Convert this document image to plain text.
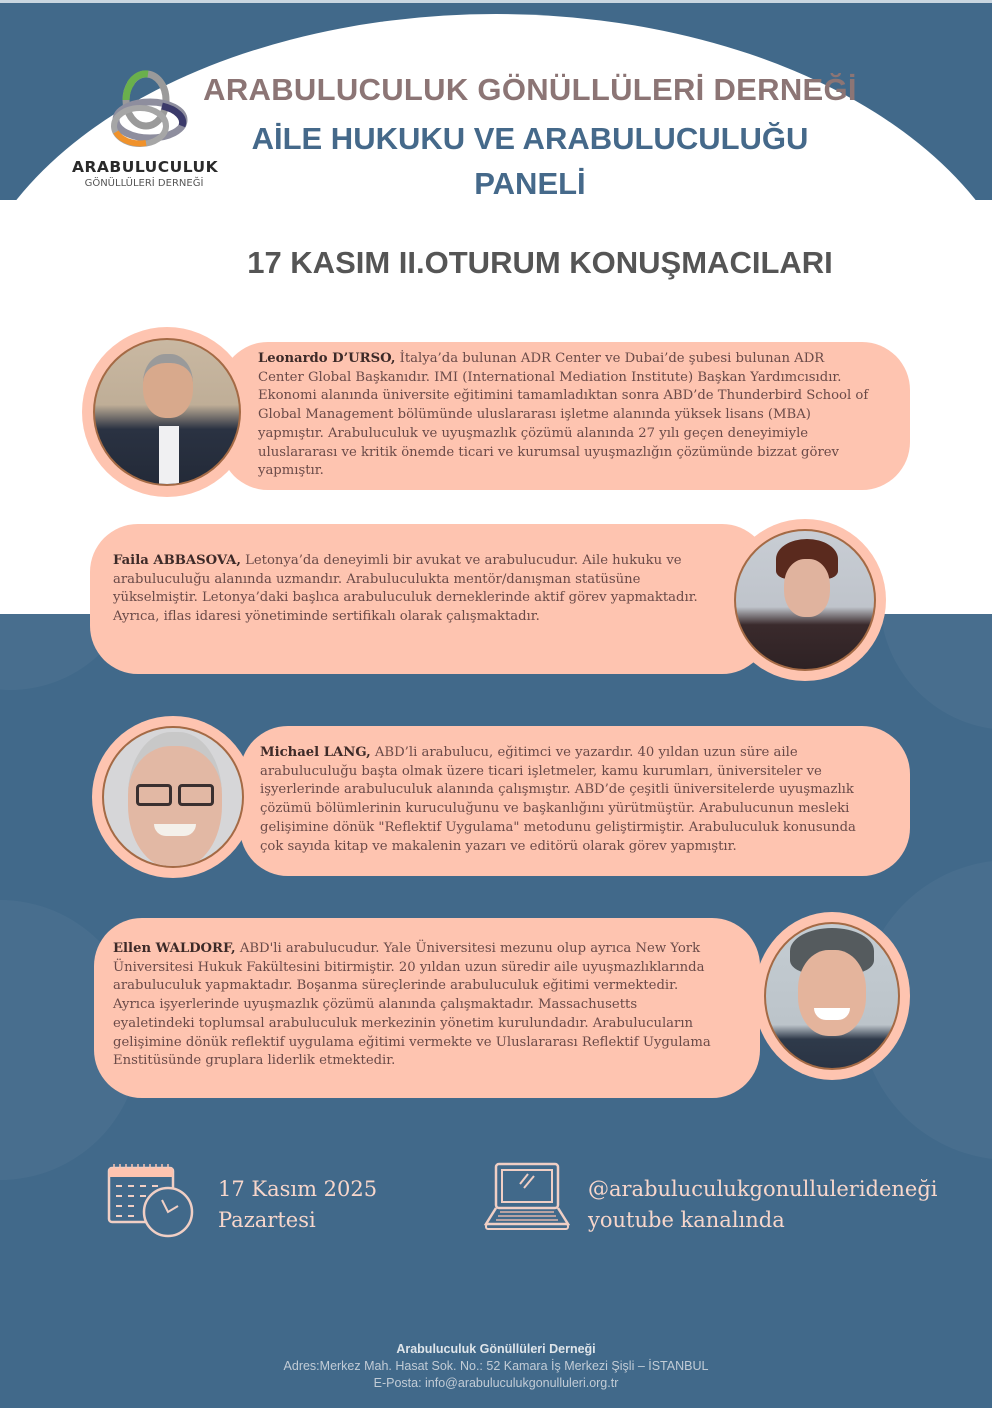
ARABULUCULUK
GÖNÜLLÜLERİ DERNEĞİ
ARABULUCULUK GÖNÜLLÜLERİ DERNEĞİ
AİLE HUKUKU VE ARABULUCULUĞU
PANELİ
17 KASIM II.OTURUM KONUŞMACILARI
Leonardo D’URSO, İtalya’da bulunan ADR Center ve Dubai’de şubesi bulunan ADR
Center Global Başkanıdır. IMI (International Mediation Institute) Başkan Yardımcısıdır.
Ekonomi alanında üniversite eğitimini tamamladıktan sonra ABD’de Thunderbird School of
Global Management bölümünde uluslararası işletme alanında yüksek lisans (MBA)
yapmıştır. Arabuluculuk ve uyuşmazlık çözümü alanında 27 yılı geçen deneyimiyle
uluslararası ve kritik önemde ticari ve kurumsal uyuşmazlığın çözümünde bizzat görev
yapmıştır.
Faila ABBASOVA, Letonya’da deneyimli bir avukat ve arabulucudur. Aile hukuku ve
arabuluculuğu alanında uzmandır. Arabuluculukta mentör/danışman statüsüne
yükselmiştir. Letonya’daki başlıca arabuluculuk derneklerinde aktif görev yapmaktadır.
Ayrıca, iflas idaresi yönetiminde sertifikalı olarak çalışmaktadır.
Michael LANG, ABD’li arabulucu, eğitimci ve yazardır. 40 yıldan uzun süre aile
arabuluculuğu başta olmak üzere ticari işletmeler, kamu kurumları, üniversiteler ve
işyerlerinde arabuluculuk alanında çalışmıştır. ABD’de çeşitli üniversitelerde uyuşmazlık
çözümü bölümlerinin kuruculuğunu ve başkanlığını yürütmüştür. Arabulucunun mesleki
gelişimine dönük "Reflektif Uygulama" metodunu geliştirmiştir. Arabuluculuk konusunda
çok sayıda kitap ve makalenin yazarı ve editörü olarak görev yapmıştır.
Ellen WALDORF, ABD'li arabulucudur. Yale Üniversitesi mezunu olup ayrıca New York
Üniversitesi Hukuk Fakültesini bitirmiştir. 20 yıldan uzun süredir aile uyuşmazlıklarında
arabuluculuk yapmaktadır. Boşanma süreçlerinde arabuluculuk eğitimi vermektedir.
Ayrıca işyerlerinde uyuşmazlık çözümü alanında çalışmaktadır. Massachusetts
eyaletindeki toplumsal arabuluculuk merkezinin yönetim kurulundadır. Arabulucuların
gelişimine dönük reflektif uygulama eğitimi vermekte ve Uluslararası Reflektif Uygulama
Enstitüsünde gruplara liderlik etmektedir.
17 Kasım 2025
Pazartesi
@arabuluculukgonullulerideneği
youtube kanalında
Arabuluculuk Gönüllüleri Derneği
Adres:Merkez Mah. Hasat Sok. No.: 52 Kamara İş Merkezi Şişli – İSTANBUL
E-Posta: info@arabuluculukgonulluleri.org.tr
